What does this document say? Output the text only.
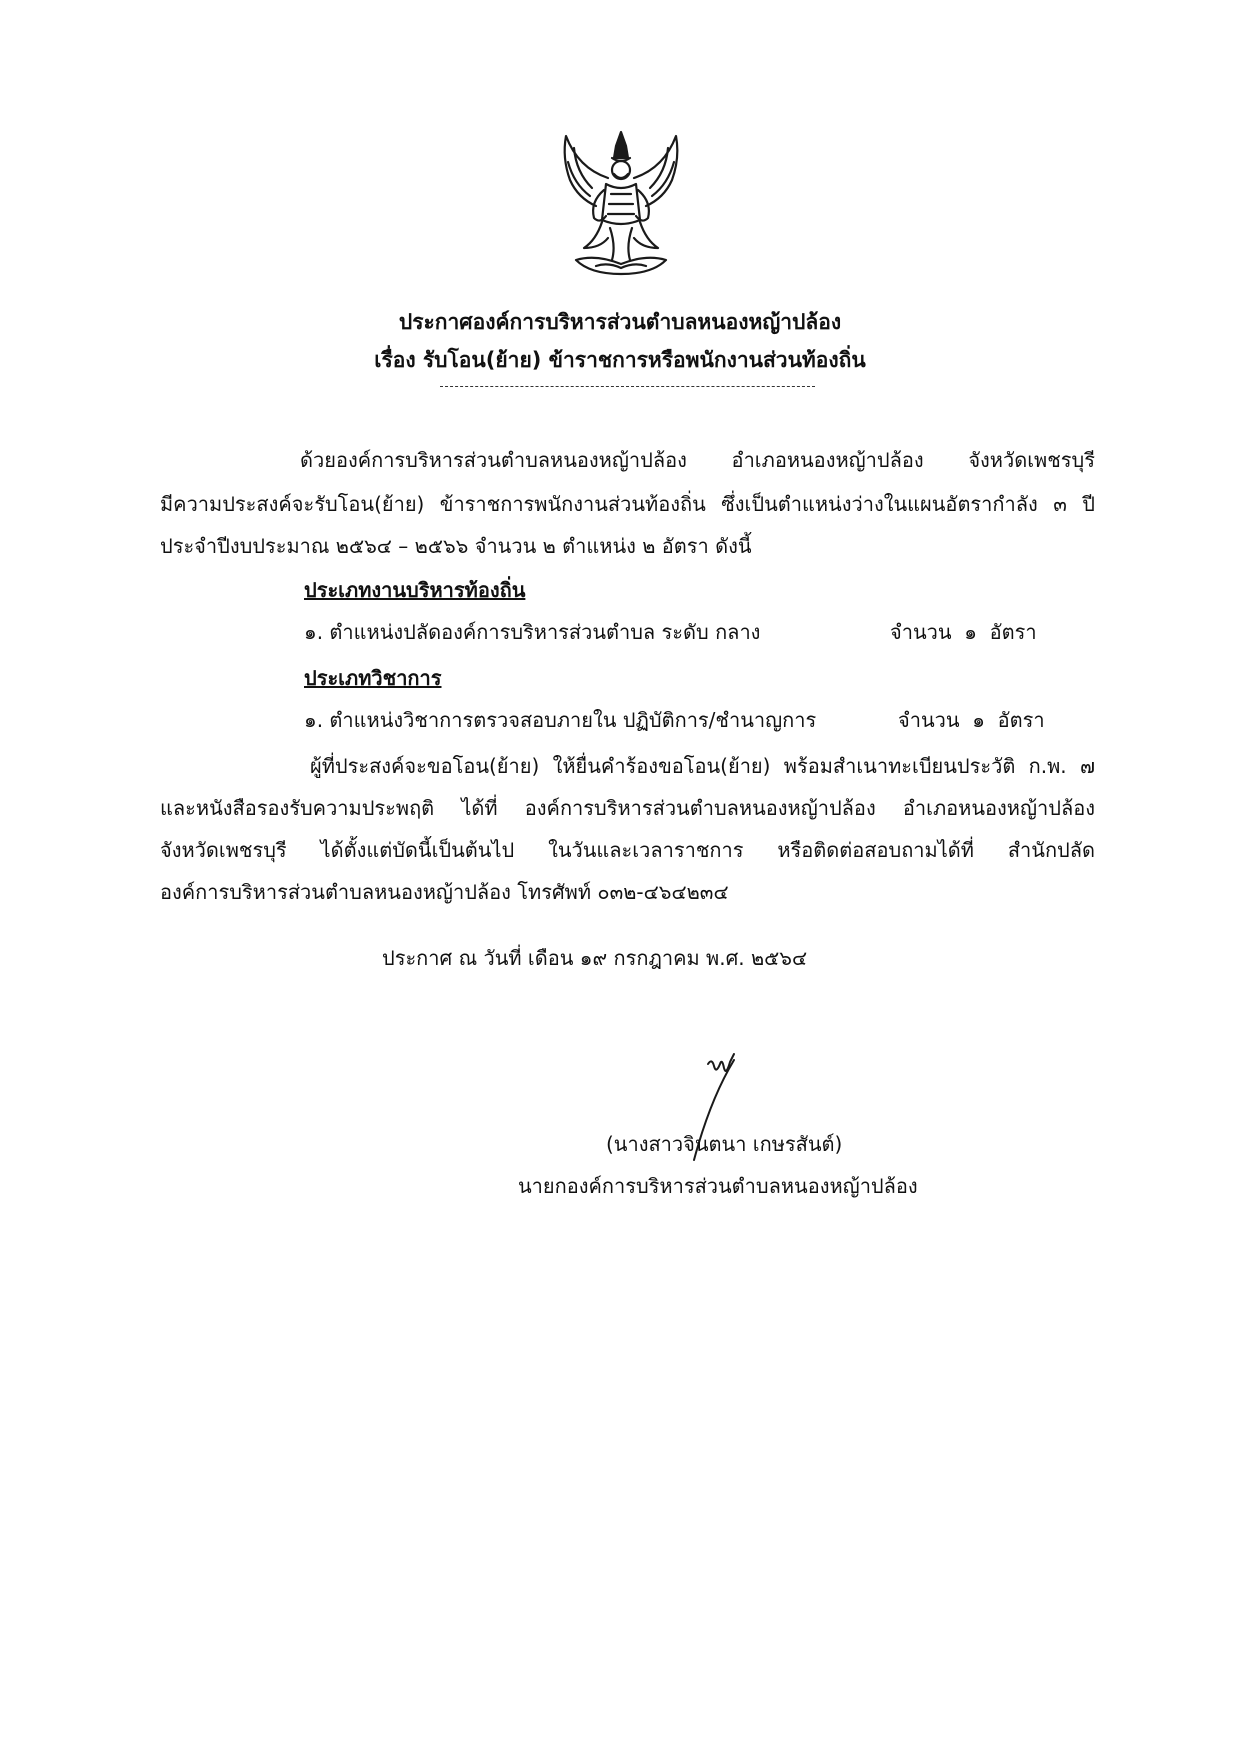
ประกาศองค์การบริหารส่วนตำบลหนองหญ้าปล้อง
เรื่อง รับโอน(ย้าย) ข้าราชการหรือพนักงานส่วนท้องถิ่น
ด้วยองค์การบริหารส่วนตำบลหนองหญ้าปล้อง อำเภอหนองหญ้าปล้อง จังหวัดเพชรบุรี
มีความประสงค์จะรับโอน(ย้าย) ข้าราชการพนักงานส่วนท้องถิ่น ซึ่งเป็นตำแหน่งว่างในแผนอัตรากำลัง ๓ ปี
ประจำปีงบประมาณ ๒๕๖๔ – ๒๕๖๖ จำนวน ๒ ตำแหน่ง ๒ อัตรา ดังนี้
ประเภทงานบริหารท้องถิ่น
๑. ตำแหน่งปลัดองค์การบริหารส่วนตำบล ระดับ กลาง	จำนวน ๑ อัตรา
ประเภทวิชาการ
๑. ตำแหน่งวิชาการตรวจสอบภายใน ปฏิบัติการ/ชำนาญการ	จำนวน ๑ อัตรา
ผู้ที่ประสงค์จะขอโอน(ย้าย) ให้ยื่นคำร้องขอโอน(ย้าย) พร้อมสำเนาทะเบียนประวัติ ก.พ. ๗
และหนังสือรองรับความประพฤติ ได้ที่ องค์การบริหารส่วนตำบลหนองหญ้าปล้อง อำเภอหนองหญ้าปล้อง
จังหวัดเพชรบุรี ได้ตั้งแต่บัดนี้เป็นต้นไป ในวันและเวลาราชการ หรือติดต่อสอบถามได้ที่ สำนักปลัด
องค์การบริหารส่วนตำบลหนองหญ้าปล้อง โทรศัพท์ ๐๓๒-๔๖๔๒๓๔
ประกาศ ณ วันที่ เดือน ๑๙ กรกฎาคม พ.ศ. ๒๕๖๔
(นางสาวจินตนา เกษรสันต์)
นายกองค์การบริหารส่วนตำบลหนองหญ้าปล้อง
